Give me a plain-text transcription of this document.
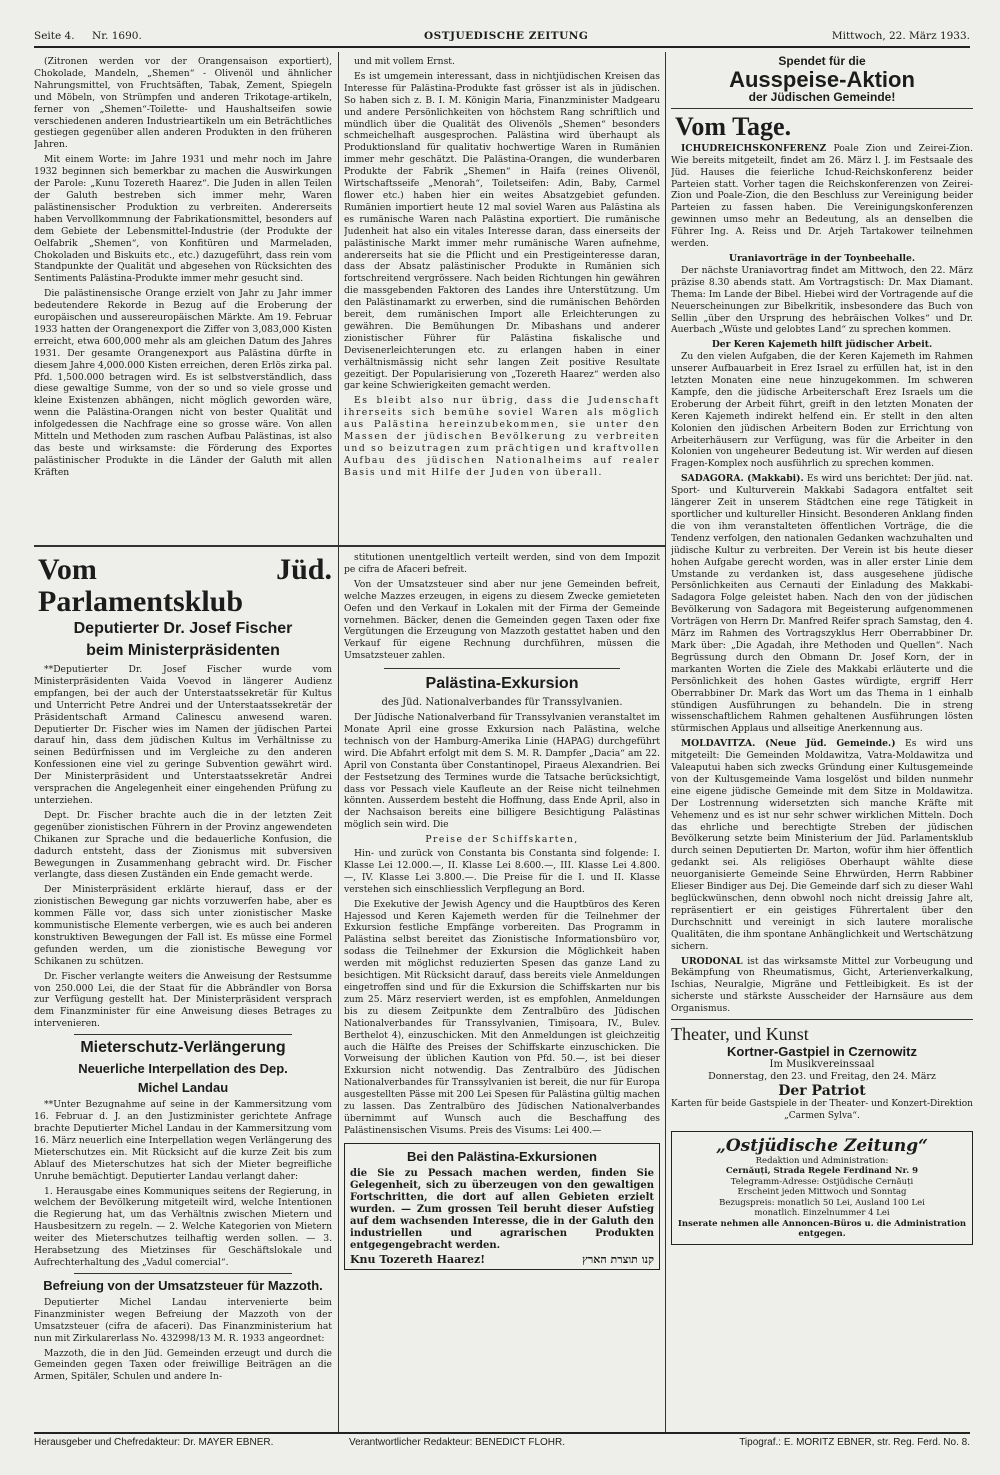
Seite 4. Nr. 1690.	OSTJUEDISCHE ZEITUNG	Mittwoch, 22. März 1933.

(Zitronen werden vor der Orangensaison exportiert), Chokolade, Mandeln, „Shemen“ - Olivenöl und ähnlicher Nahrungsmittel, von Fruchtsäften, Tabak, Zement, Spiegeln und Möbeln, von Strümpfen und anderen Trikotage-artikeln, ferner von „Shemen“-Toilette- und Haushaltseifen sowie verschiedenen anderen Industrieartikeln um ein Beträchtliches gestiegen gegenüber allen anderen Produkten in den früheren Jahren.

Mit einem Worte: im Jahre 1931 und mehr noch im Jahre 1932 beginnen sich bemerkbar zu machen die Auswirkungen der Parole: „Kunu Tozereth Haarez“. Die Juden in allen Teilen der Galuth bestreben sich immer mehr, Waren palästinensischer Produktion zu verbreiten. Andererseits haben Vervollkommnung der Fabrikationsmittel, besonders auf dem Gebiete der Lebensmittel-Industrie (der Produkte der Oelfabrik „Shemen“, von Konfitüren und Marmeladen, Chokoladen und Biskuits etc., etc.) dazugeführt, dass rein vom Standpunkte der Qualität und abgesehen von Rücksichten des Sentiments Palästina-Produkte immer mehr gesucht sind.

Die palästinensische Orange erzielt von Jahr zu Jahr immer bedeutendere Rekorde in Bezug auf die Eroberung der europäischen und aussereuropäischen Märkte. Am 19. Februar 1933 hatten der Orangenexport die Ziffer von 3,083,000 Kisten erreicht, etwa 600,000 mehr als am gleichen Datum des Jahres 1931. Der gesamte Orangenexport aus Palästina dürfte in diesem Jahre 4,000.000 Kisten erreichen, deren Erlös zirka pal. Pfd. 1,500.000 betragen wird. Es ist selbstverständlich, dass diese gewaltige Summe, von der so und so viele grosse und kleine Existenzen abhängen, nicht möglich geworden wäre, wenn die Palästina-Orangen nicht von bester Qualität und infolgedessen die Nachfrage eine so grosse wäre. Von allen Mitteln und Methoden zum raschen Aufbau Palästinas, ist also das beste und wirksamste: die Förderung des Exportes palästinischer Produkte in die Länder der Galuth mit allen Kräften

und mit vollem Ernst.

Es ist umgemein interessant, dass in nichtjüdischen Kreisen das Interesse für Palästina-Produkte fast grösser ist als in jüdischen. So haben sich z. B. I. M. Königin Maria, Finanzminister Madgearu und andere Persönlichkeiten von höchstem Rang schriftlich und mündlich über die Qualität des Olivenöls „Shemen“ besonders schmeichelhaft ausgesprochen. Palästina wird überhaupt als Produktionsland für qualitativ hochwertige Waren in Rumänien immer mehr geschätzt. Die Palästina-Orangen, die wunderbaren Produkte der Fabrik „Shemen“ in Haifa (reines Olivenöl, Wirtschaftsseife „Menorah“, Toiletseifen: Adin, Baby, Carmel flower etc.) haben hier ein weites Absatzgebiet gefunden. Rumänien importiert heute 12 mal soviel Waren aus Palästina als es rumänische Waren nach Palästina exportiert. Die rumänische Judenheit hat also ein vitales Interesse daran, dass einerseits der palästinische Markt immer mehr rumänische Waren aufnehme, andererseits hat sie die Pflicht und ein Prestigeinteresse daran, dass der Absatz palästinischer Produkte in Rumänien sich fortschreitend vergrössere. Nach beiden Richtungen hin gewähren die massgebenden Faktoren des Landes ihre Unterstützung. Um den Palästinamarkt zu erwerben, sind die rumänischen Behörden bereit, dem rumänischen Import alle Erleichterungen zu gewähren. Die Bemühungen Dr. Mibashans und anderer zionistischer Führer für Palästina fiskalische und Devisenerleichterungen etc. zu erlangen haben in einer verhältnismässig nicht sehr langen Zeit positive Resultate gezeitigt. Der Popularisierung von „Tozereth Haarez“ werden also gar keine Schwierigkeiten gemacht werden.

Es bleibt also nur übrig, dass die Judenschaft ihrerseits sich bemühe soviel Waren als möglich aus Palästina hereinzubekommen, sie unter den Massen der jüdischen Bevölkerung zu verbreiten und so beizutragen zum prächtigen und kraftvollen Aufbau des jüdischen Nationalheims auf realer Basis und mit Hilfe der Juden von überall.

Vom Jüd. Parlamentsklub
Deputierter Dr. Josef Fischer
beim Ministerpräsidenten

**Deputierter Dr. Josef Fischer wurde vom Ministerpräsidenten Vaida Voevod in längerer Audienz empfangen, bei der auch der Unterstaatssekretär für Kultus und Unterricht Petre Andrei und der Unterstaatssekretär der Präsidentschaft Armand Calinescu anwesend waren. Deputierter Dr. Fischer wies im Namen der jüdischen Partei darauf hin, dass dem jüdischen Kultus im Verhältnisse zu seinen Bedürfnissen und im Vergleiche zu den anderen Konfessionen eine viel zu geringe Subvention gewährt wird. Der Ministerpräsident und Unterstaatssekretär Andrei versprachen die Angelegenheit einer eingehenden Prüfung zu unterziehen.

Dept. Dr. Fischer brachte auch die in der letzten Zeit gegenüber zionistischen Führern in der Provinz angewendeten Chikanen zur Sprache und die bedauerliche Konfusion, die dadurch entsteht, dass der Zionismus mit subversiven Bewegungen in Zusammenhang gebracht wird. Dr. Fischer verlangte, dass diesen Zuständen ein Ende gemacht werde.

Der Ministerpräsident erklärte hierauf, dass er der zionistischen Bewegung gar nichts vorzuwerfen habe, aber es kommen Fälle vor, dass sich unter zionistischer Maske kommunistische Elemente verbergen, wie es auch bei anderen konstruktiven Bewegungen der Fall ist. Es müsse eine Formel gefunden werden, um die zionistische Bewegung vor Schikanen zu schützen.

Dr. Fischer verlangte weiters die Anweisung der Restsumme von 250.000 Lei, die der Staat für die Abbrändler von Borsa zur Verfügung gestellt hat. Der Ministerpräsident versprach dem Finanzminister für eine Anweisung dieses Betrages zu intervenieren.

Mieterschutz-Verlängerung
Neuerliche Interpellation des Dep.
Michel Landau

**Unter Bezugnahme auf seine in der Kammersitzung vom 16. Februar d. J. an den Justizminister gerichtete Anfrage brachte Deputierter Michel Landau in der Kammersitzung vom 16. März neuerlich eine Interpellation wegen Verlängerung des Mieterschutzes ein. Mit Rücksicht auf die kurze Zeit bis zum Ablauf des Mieterschutzes hat sich der Mieter begreifliche Unruhe bemächtigt. Deputierter Landau verlangt daher:

1. Herausgabe eines Kommuniques seitens der Regierung, in welchem der Bevölkerung mitgeteilt wird, welche Intentionen die Regierung hat, um das Verhältnis zwischen Mietern und Hausbesitzern zu regeln. — 2. Welche Kategorien von Mietern weiter des Mieterschutzes teilhaftig werden sollen. — 3. Herabsetzung des Mietzinses für Geschäftslokale und Aufrechterhaltung des „Vadul comercial“.

Befreiung von der Umsatzsteuer für Mazzoth.

Deputierter Michel Landau intervenierte beim Finanzminister wegen Befreiung der Mazzoth von der Umsatzsteuer (cifra de afaceri). Das Finanzministerium hat nun mit Zirkularerlass No. 432998/13 M. R. 1933 angeordnet:

Mazzoth, die in den Jüd. Gemeinden erzeugt und durch die Gemeinden gegen Taxen oder freiwillige Beiträgen an die Armen, Spitäler, Schulen und andere In-

stitutionen unentgeltlich verteilt werden, sind von dem Impozit pe cifra de Afaceri befreit.

Von der Umsatzsteuer sind aber nur jene Gemeinden befreit, welche Mazzes erzeugen, in eigens zu diesem Zwecke gemieteten Oefen und den Verkauf in Lokalen mit der Firma der Gemeinde vornehmen. Bäcker, denen die Gemeinden gegen Taxen oder fixe Vergütungen die Erzeugung von Mazzoth gestattet haben und den Verkauf für eigene Rechnung durchführen, müssen die Umsatzsteuer zahlen.

Palästina-Exkursion
des Jüd. Nationalverbandes für Transsylvanien.

Der Jüdische Nationalverband für Transsylvanien veranstaltet im Monate April eine grosse Exkursion nach Palästina, welche technisch von der Hamburg-Amerika Linie (HAPAG) durchgeführt wird. Die Abfahrt erfolgt mit dem S. M. R. Dampfer „Dacia“ am 22. April von Constanta über Constantinopel, Piraeus Alexandrien. Bei der Festsetzung des Termines wurde die Tatsache berücksichtigt, dass vor Pessach viele Kaufleute an der Reise nicht teilnehmen könnten. Ausserdem besteht die Hoffnung, dass Ende April, also in der Nachsaison bereits eine billigere Besichtigung Palästinas möglich sein wird. Die

Preise der Schiffskarten,

Hin- und zurück von Constanta bis Constanta sind folgende: I. Klasse Lei 12.000.—, II. Klasse Lei 8.600.—, III. Klasse Lei 4.800.—, IV. Klasse Lei 3.800.—. Die Preise für die I. und II. Klasse verstehen sich einschliesslich Verpflegung an Bord.

Die Exekutive der Jewish Agency und die Hauptbüros des Keren Hajessod und Keren Kajemeth werden für die Teilnehmer der Exkursion festliche Empfänge vorbereiten. Das Programm in Palästina selbst bereitet das Zionistische Informationsbüro vor, sodass die Teilnehmer der Exkursion die Möglichkeit haben werden mit möglichst reduzierten Spesen das ganze Land zu besichtigen. Mit Rücksicht darauf, dass bereits viele Anmeldungen eingetroffen sind und für die Exkursion die Schiffskarten nur bis zum 25. März reserviert werden, ist es empfohlen, Anmeldungen bis zu diesem Zeitpunkte dem Zentralbüro des Jüdischen Nationalverbandes für Transsylvanien, Timișoara, IV., Bulev. Berthelot 4), einzuschicken. Mit den Anmeldungen ist gleichzeitig auch die Hälfte des Preises der Schiffskarte einzuschicken. Die Vorweisung der üblichen Kaution von Pfd. 50.—, ist bei dieser Exkursion nicht notwendig. Das Zentralbüro des Jüdischen Nationalverbandes für Transsylvanien ist bereit, die nur für Europa ausgestellten Pässe mit 200 Lei Spesen für Palästina gültig machen zu lassen. Das Zentralbüro des Jüdischen Nationalverbandes übernimmt auf Wunsch auch die Beschaffung des Palästinensischen Visums. Preis des Visums: Lei 400.—

Bei den Palästina-Exkursionen
die Sie zu Pessach machen werden, finden Sie Gelegenheit, sich zu überzeugen von den gewaltigen Fortschritten, die dort auf allen Gebieten erzielt wurden. — Zum grossen Teil beruht dieser Aufstieg auf dem wachsenden Interesse, die in der Galuth den industriellen und agrarischen Produkten entgegengebracht werden.
Knu Tozereth Haarez!	קנו תוצרת הארץ
Spendet für die
Ausspeise-Aktion
der Jüdischen Gemeinde!
Vom Tage.

ICHUDREICHSKONFERENZ Poale Zion und Zeirei-Zion. Wie bereits mitgeteilt, findet am 26. März l. J. im Festsaale des Jüd. Hauses die feierliche Ichud-Reichskonferenz beider Parteien statt. Vorher tagen die Reichskonferenzen von Zeirei-Zion und Poale-Zion, die den Beschluss zur Vereinigung beider Parteien zu fassen haben. Die Vereinigungskonferenzen gewinnen umso mehr an Bedeutung, als an denselben die Führer Ing. A. Reiss und Dr. Arjeh Tartakower teilnehmen werden.

Uraniavorträge in der Toynbeehalle.

Der nächste Uraniavortrag findet am Mittwoch, den 22. März präzise 8.30 abends statt. Am Vortragstisch: Dr. Max Diamant. Thema: Im Lande der Bibel. Hiebei wird der Vortragende auf die Neuerscheinungen zur Bibelkritik, insbesondere das Buch von Sellin „über den Ursprung des hebräischen Volkes“ und Dr. Auerbach „Wüste und gelobtes Land“ zu sprechen kommen.

Der Keren Kajemeth hilft jüdischer Arbeit.

Zu den vielen Aufgaben, die der Keren Kajemeth im Rahmen unserer Aufbauarbeit in Erez Israel zu erfüllen hat, ist in den letzten Monaten eine neue hinzugekommen. Im schweren Kampfe, den die jüdische Arbeiterschaft Erez Israels um die Eroberung der Arbeit führt, greift in den letzten Monaten der Keren Kajemeth indirekt helfend ein. Er stellt in den alten Kolonien den jüdischen Arbeitern Boden zur Errichtung von Arbeiterhäusern zur Verfügung, was für die Arbeiter in den Kolonien von ungeheurer Bedeutung ist. Wir werden auf diesen Fragen-Komplex noch ausführlich zu sprechen kommen.

SADAGORA. (Makkabi). Es wird uns berichtet: Der jüd. nat. Sport- und Kulturverein Makkabi Sadagora entfaltet seit längerer Zeit in unserem Städtchen eine rege Tätigkeit in sportlicher und kultureller Hinsicht. Besonderen Anklang finden die von ihm veranstalteten öffentlichen Vorträge, die die Tendenz verfolgen, den nationalen Gedanken wachzuhalten und jüdische Kultur zu verbreiten. Der Verein ist bis heute dieser hohen Aufgabe gerecht worden, was in aller erster Linie dem Umstande zu verdanken ist, dass ausgesehene jüdische Persönlichkeiten aus Cernauti der Einladung des Makkabi-Sadagora Folge geleistet haben. Nach den von der jüdischen Bevölkerung von Sadagora mit Begeisterung aufgenommenen Vorträgen von Herrn Dr. Manfred Reifer sprach Samstag, den 4. März im Rahmen des Vortragszyklus Herr Oberrabbiner Dr. Mark über: „Die Agadah, ihre Methoden und Quellen“. Nach Begrüssung durch den Obmann Dr. Josef Korn, der in markanten Worten die Ziele des Makkabi erläuterte und die Persönlichkeit des hohen Gastes würdigte, ergriff Herr Oberrabbiner Dr. Mark das Wort um das Thema in 1 einhalb stündigen Ausführungen zu behandeln. Die in streng wissenschaftlichem Rahmen gehaltenen Ausführungen lösten stürmischen Applaus und allseitige Anerkennung aus.

MOLDAVITZA. (Neue Jüd. Gemeinde.) Es wird uns mitgeteilt: Die Gemeinden Moldawitza, Vatra-Moldawitza und Valeaputui haben sich zwecks Gründung einer Kultusgemeinde von der Kultusgemeinde Vama losgelöst und bilden nunmehr eine eigene jüdische Gemeinde mit dem Sitze in Moldawitza. Der Lostrennung widersetzten sich manche Kräfte mit Vehemenz und es ist nur sehr schwer wirklichen Mitteln. Doch das ehrliche und berechtigte Streben der jüdischen Bevölkerung setzte beim Ministerium der Jüd. Parlamentsklub durch seinen Deputierten Dr. Marton, wofür ihm hier öffentlich gedankt sei. Als religiöses Oberhaupt wählte diese neuorganisierte Gemeinde Seine Ehrwürden, Herrn Rabbiner Elieser Bindiger aus Dej. Die Gemeinde darf sich zu dieser Wahl beglückwünschen, denn obwohl noch nicht dreissig Jahre alt, repräsentiert er ein geistiges Führertalent über den Durchschnitt und vereinigt in sich lautere moralische Qualitäten, die ihm spontane Anhänglichkeit und Wertschätzung sichern.

URODONAL ist das wirksamste Mittel zur Vorbeugung und Bekämpfung von Rheumatismus, Gicht, Arterienverkalkung, Ischias, Neuralgie, Migräne und Fettleibigkeit. Es ist der sicherste und stärkste Ausscheider der Harnsäure aus dem Organismus.

Theater, und Kunst
Kortner-Gastpiel in Czernowitz
Im Musikvereinssaal
Donnerstag, den 23. und Freitag, den 24. März
Der Patriot
Karten für beide Gastspiele in der Theater- und Konzert-Direktion „Carmen Sylva“.
„Ostjüdische Zeitung“
Redaktion und Administration:
Cernăuți, Strada Regele Ferdinand Nr. 9
Telegramm-Adresse: Ostjüdische Cernăuți
Erscheint jeden Mittwoch und Sonntag
Bezugspreis: monatlich 50 Lei, Ausland 100 Lei
monatlich. Einzelnummer 4 Lei
Inserate nehmen alle Annoncen-Büros u. die Administration entgegen.
Herausgeber und Chefredakteur: Dr. MAYER EBNER.	Verantwortlicher Redakteur: BENEDICT FLOHR.	Tipograf.: E. MORITZ EBNER, str. Reg. Ferd. No. 8.
